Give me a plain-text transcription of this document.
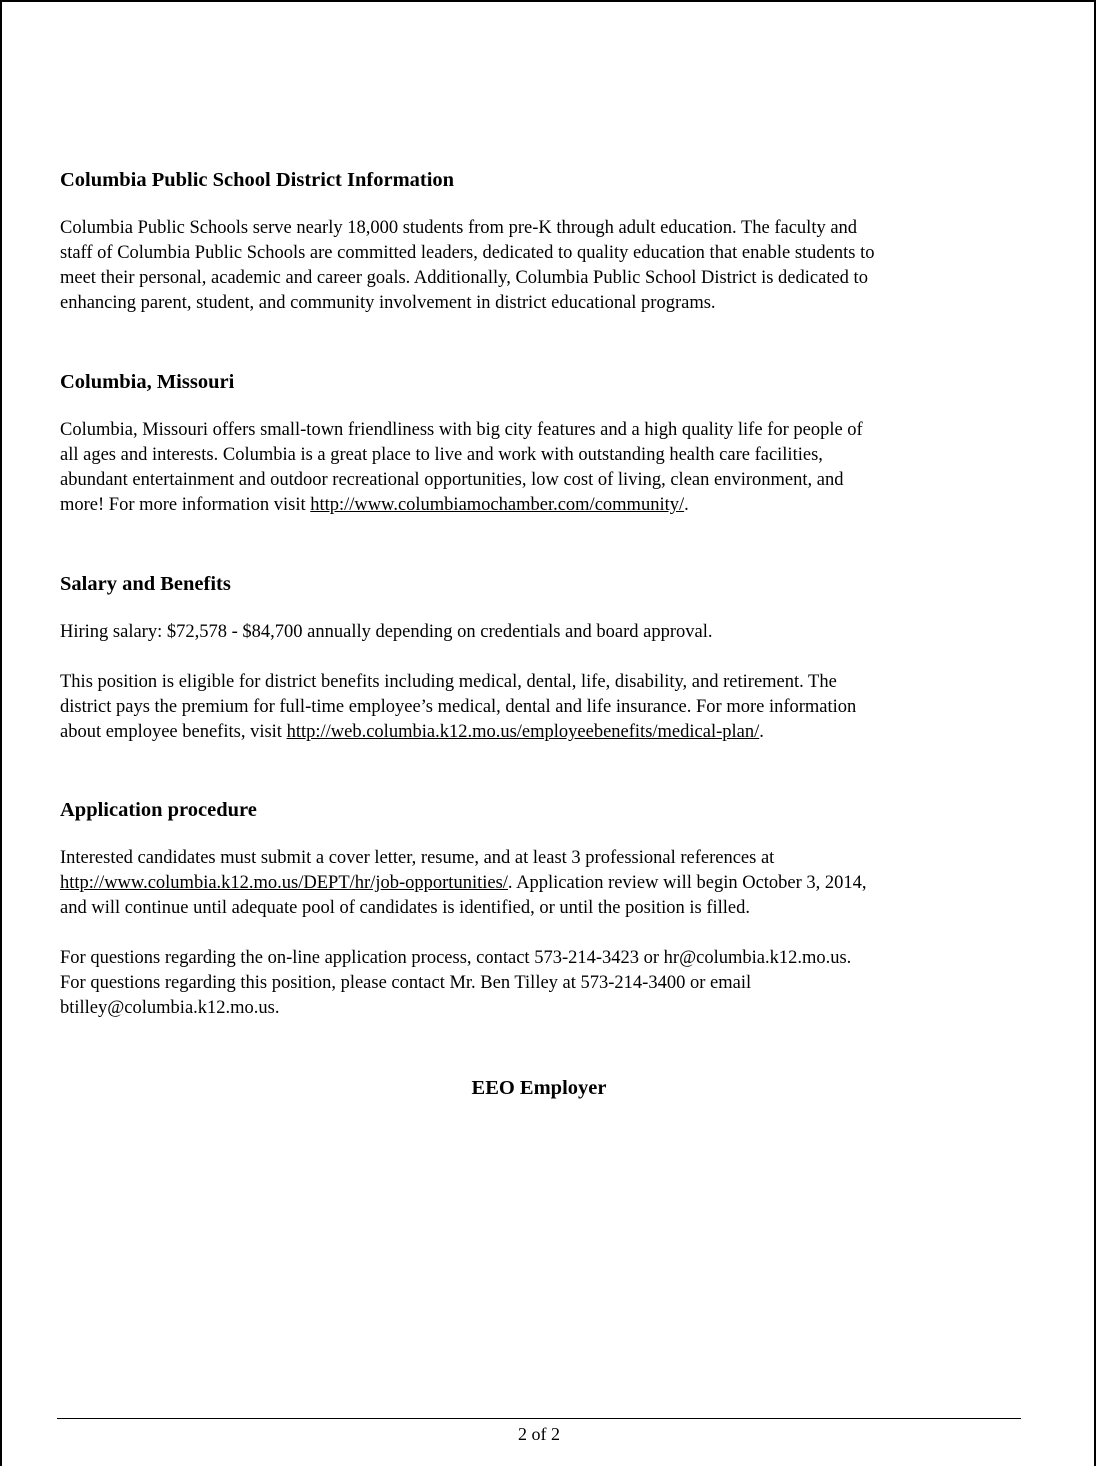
Columbia Public School District Information

Columbia Public Schools serve nearly 18,000 students from pre-K through adult education. The faculty and
staff of Columbia Public Schools are committed leaders, dedicated to quality education that enable students to
meet their personal, academic and career goals. Additionally, Columbia Public School District is dedicated to
enhancing parent, student, and community involvement in district educational programs.

Columbia, Missouri

Columbia, Missouri offers small-town friendliness with big city features and a high quality life for people of
all ages and interests. Columbia is a great place to live and work with outstanding health care facilities,
abundant entertainment and outdoor recreational opportunities, low cost of living, clean environment, and
more! For more information visit http://www.columbiamochamber.com/community/.

Salary and Benefits

Hiring salary: $72,578 - $84,700 annually depending on credentials and board approval.

This position is eligible for district benefits including medical, dental, life, disability, and retirement. The
district pays the premium for full-time employee’s medical, dental and life insurance. For more information
about employee benefits, visit http://web.columbia.k12.mo.us/employeebenefits/medical-plan/.

Application procedure

Interested candidates must submit a cover letter, resume, and at least 3 professional references at
http://www.columbia.k12.mo.us/DEPT/hr/job-opportunities/. Application review will begin October 3, 2014,
and will continue until adequate pool of candidates is identified, or until the position is filled.

For questions regarding the on-line application process, contact 573-214-3423 or hr@columbia.k12.mo.us.
For questions regarding this position, please contact Mr. Ben Tilley at 573-214-3400 or email
btilley@columbia.k12.mo.us.

EEO Employer
2 of 2
